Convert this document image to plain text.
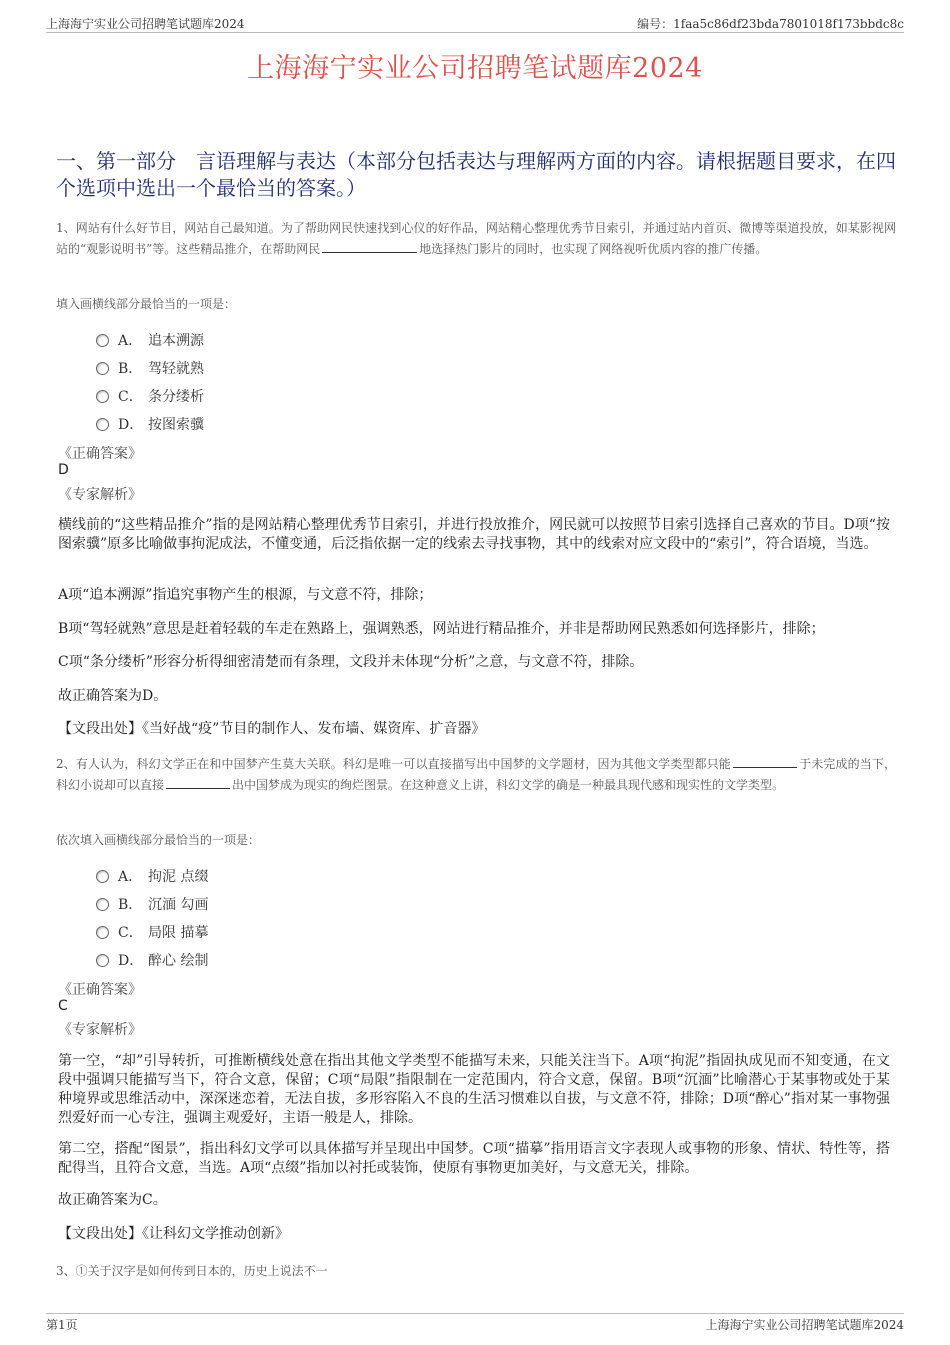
上海海宁实业公司招聘笔试题库2024	编号：1faa5c86df23bda7801018f173bbdc8c
上海海宁实业公司招聘笔试题库2024
一、第一部分　言语理解与表达（本部分包括表达与理解两方面的内容。请根据题目要求，在四个选项中选出一个最恰当的答案。）
1、网站有什么好节目，网站自己最知道。为了帮助网民快速找到心仪的好作品，网站精心整理优秀节目索引，并通过站内首页、微博等渠道投放，如某影视网站的“观影说明书”等。这些精品推介，在帮助网民	地选择热门影片的同时，也实现了网络视听优质内容的推广传播。
填入画横线部分最恰当的一项是：
A． 追本溯源
B． 驾轻就熟
C． 条分缕析
D． 按图索骥
《正确答案》
D
《专家解析》
横线前的“这些精品推介”指的是网站精心整理优秀节目索引，并进行投放推介，网民就可以按照节目索引选择自己喜欢的节目。D项“按图索骥”原多比喻做事拘泥成法，不懂变通，后泛指依据一定的线索去寻找事物，其中的线索对应文段中的“索引”，符合语境，当选。
A项“追本溯源”指追究事物产生的根源，与文意不符，排除；
B项“驾轻就熟”意思是赶着轻载的车走在熟路上，强调熟悉，网站进行精品推介，并非是帮助网民熟悉如何选择影片，排除；
C项“条分缕析”形容分析得细密清楚而有条理，文段并未体现“分析”之意，与文意不符，排除。
故正确答案为D。
【文段出处】《当好战“疫”节目的制作人、发布墙、媒资库、扩音器》
2、有人认为，科幻文学正在和中国梦产生莫大关联。科幻是唯一可以直接描写出中国梦的文学题材，因为其他文学类型都只能	于未完成的当下，科幻小说却可以直接	出中国梦成为现实的绚烂图景。在这种意义上讲，科幻文学的确是一种最具现代感和现实性的文学类型。
依次填入画横线部分最恰当的一项是：
A． 拘泥 点缀
B． 沉湎 勾画
C． 局限 描摹
D． 醉心 绘制
《正确答案》
C
《专家解析》
第一空，“却”引导转折，可推断横线处意在指出其他文学类型不能描写未来，只能关注当下。A项“拘泥”指固执成见而不知变通，在文段中强调只能描写当下，符合文意，保留；C项“局限”指限制在一定范围内，符合文意，保留。B项“沉湎”比喻潜心于某事物或处于某种境界或思维活动中，深深迷恋着，无法自拔，多形容陷入不良的生活习惯难以自拔，与文意不符，排除；D项“醉心”指对某一事物强烈爱好而一心专注，强调主观爱好，主语一般是人，排除。
第二空，搭配“图景”，指出科幻文学可以具体描写并呈现出中国梦。C项“描摹”指用语言文字表现人或事物的形象、情状、特性等，搭配得当，且符合文意，当选。A项“点缀”指加以衬托或装饰，使原有事物更加美好，与文意无关，排除。
故正确答案为C。
【文段出处】《让科幻文学推动创新》
3、①关于汉字是如何传到日本的，历史上说法不一
第1页	上海海宁实业公司招聘笔试题库2024
